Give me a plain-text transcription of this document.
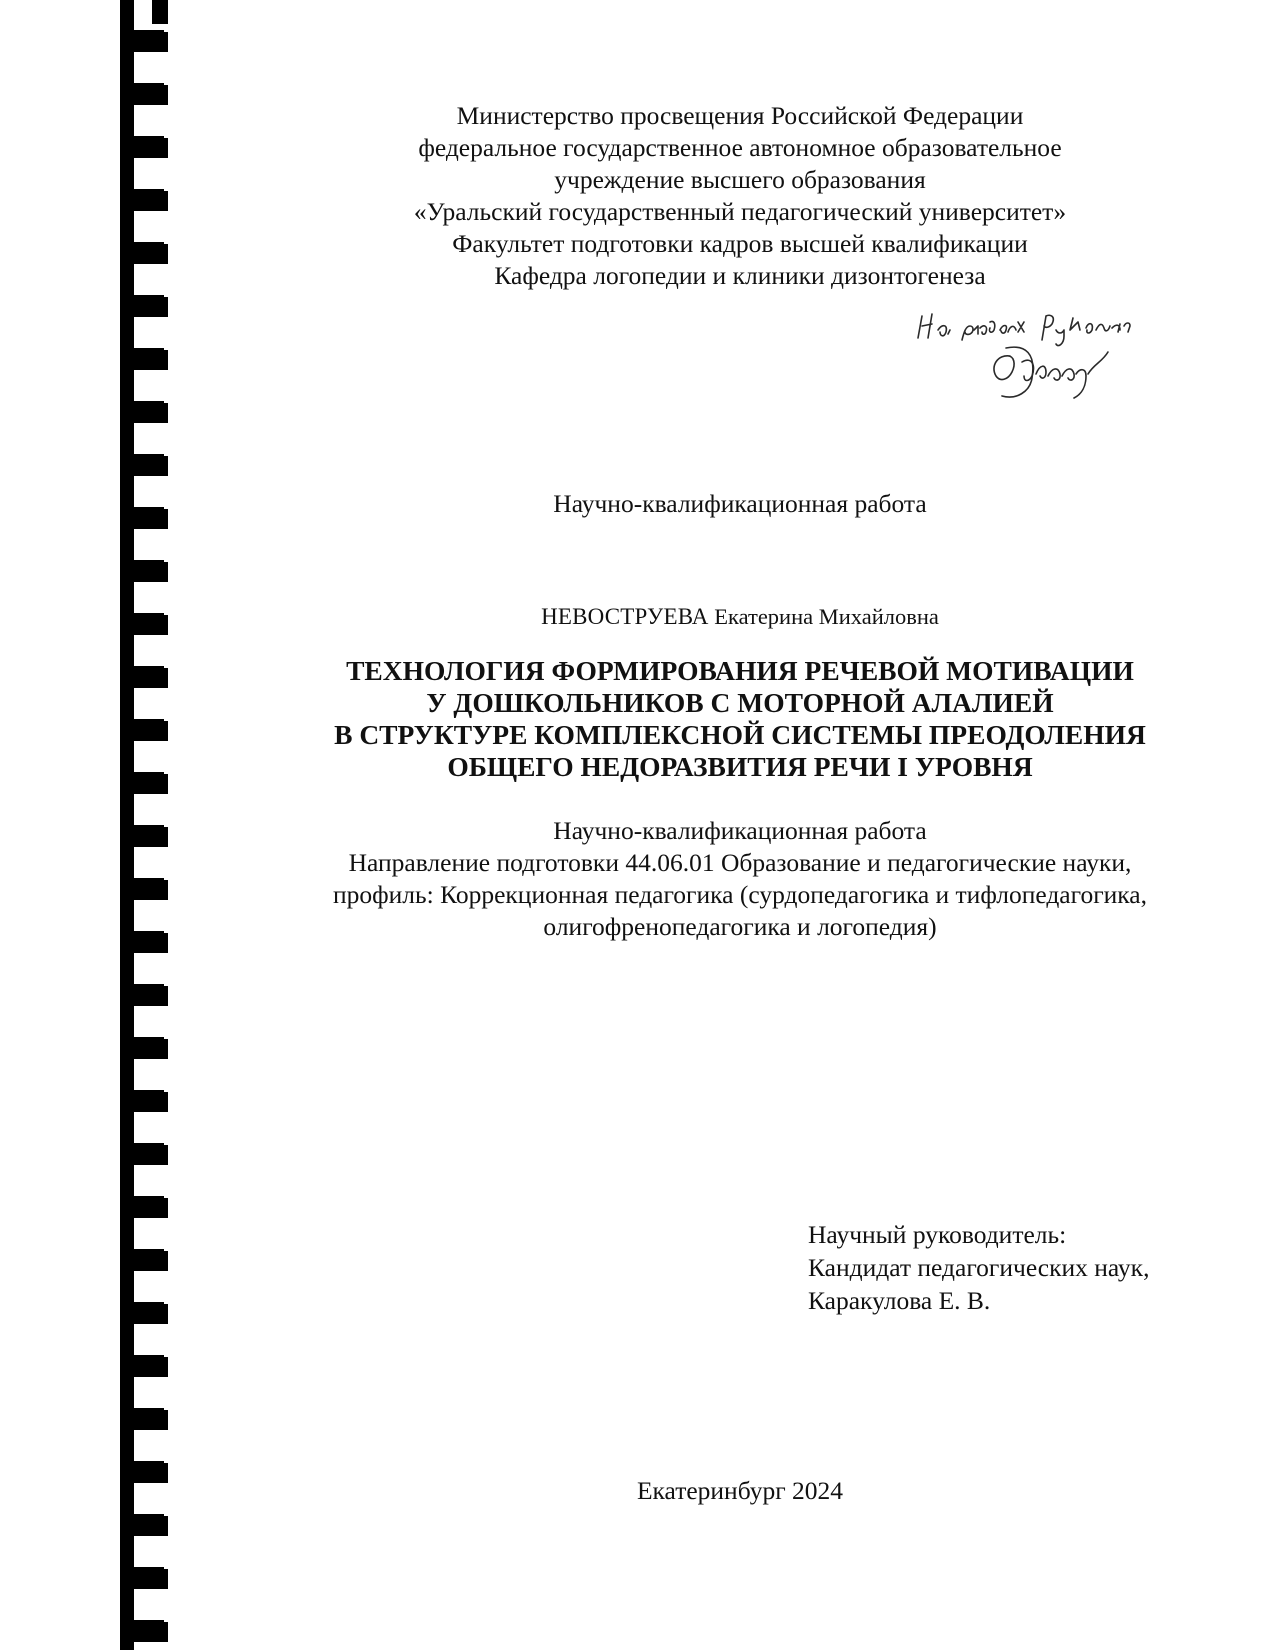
Министерство просвещения Российской Федерации
федеральное государственное автономное образовательное
учреждение высшего образования
«Уральский государственный педагогический университет»
Факультет подготовки кадров высшей квалификации
Кафедра логопедии и клиники дизонтогенеза
Научно-квалификационная работа
НЕВОСТРУЕВА Екатерина Михайловна
ТЕХНОЛОГИЯ ФОРМИРОВАНИЯ РЕЧЕВОЙ МОТИВАЦИИ
У ДОШКОЛЬНИКОВ С МОТОРНОЙ АЛАЛИЕЙ
В СТРУКТУРЕ КОМПЛЕКСНОЙ СИСТЕМЫ ПРЕОДОЛЕНИЯ
ОБЩЕГО НЕДОРАЗВИТИЯ РЕЧИ I УРОВНЯ
Научно-квалификационная работа
Направление подготовки 44.06.01 Образование и педагогические науки,
профиль: Коррекционная педагогика (сурдопедагогика и тифлопедагогика,
олигофренопедагогика и логопедия)
Научный руководитель:
Кандидат педагогических наук,
Каракулова Е. В.
Екатеринбург 2024
